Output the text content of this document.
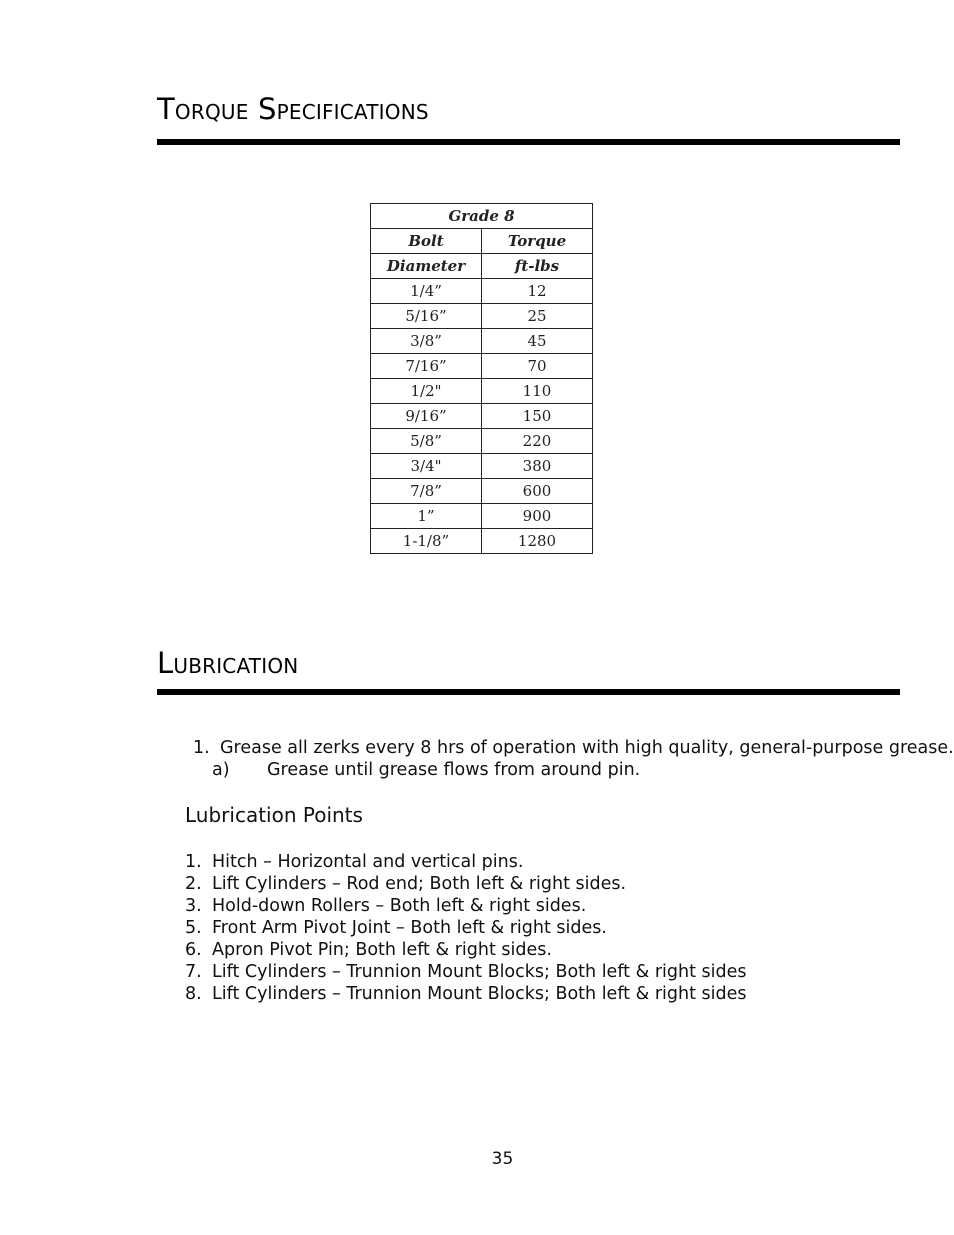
Torque Specifications
Grade 8	
Bolt	Torque
Diameter	ft-lbs
1/4”	12
5/16”	25
3/8”	45
7/16”	70
1/2"	110
9/16”	150
5/8”	220
3/4"	380
7/8”	600
1”	900
1-1/8”	1280
Lubrication
1. Grease all zerks every 8 hrs of operation with high quality, general-purpose grease.
a) Grease until grease flows from around pin.
Lubrication Points
1. Hitch – Horizontal and vertical pins.
2. Lift Cylinders – Rod end; Both left & right sides.
3. Hold-down Rollers – Both left & right sides.
5. Front Arm Pivot Joint – Both left & right sides.
6. Apron Pivot Pin; Both left & right sides.
7. Lift Cylinders – Trunnion Mount Blocks; Both left & right sides
8. Lift Cylinders – Trunnion Mount Blocks; Both left & right sides
35
